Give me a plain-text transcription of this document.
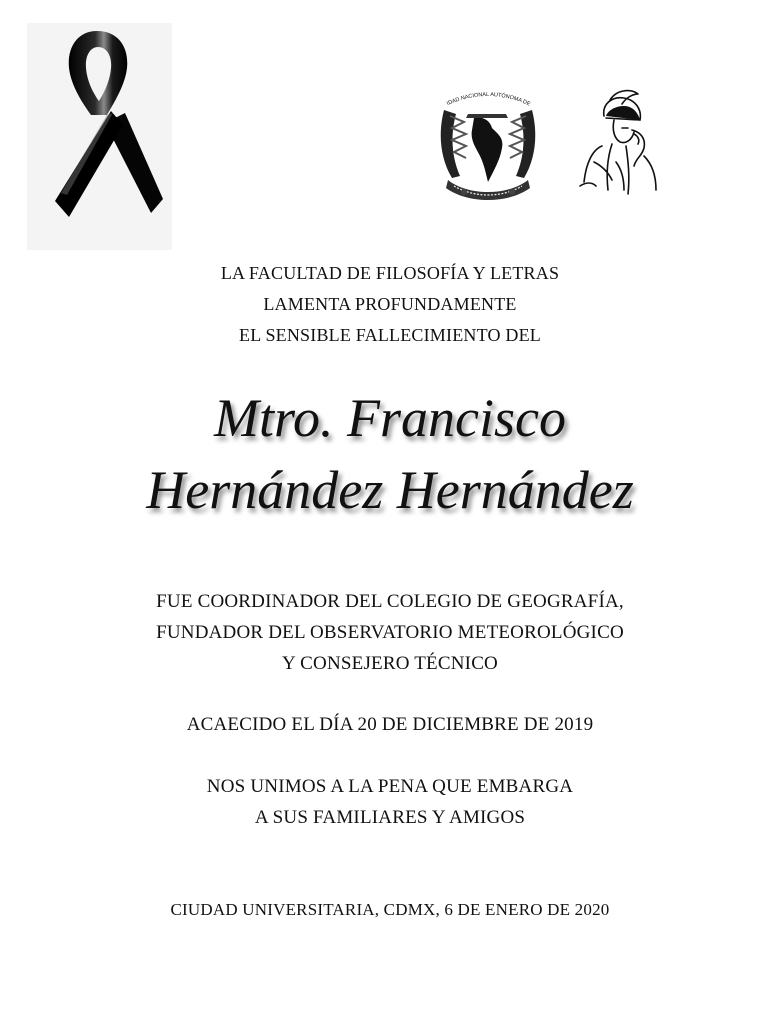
IDAD NACIONAL AUTÓNOMA DE
LA FACULTAD DE FILOSOFÍA Y LETRAS
LAMENTA PROFUNDAMENTE
EL SENSIBLE FALLECIMIENTO DEL
Mtro. Francisco
Hernández Hernández
FUE COORDINADOR DEL COLEGIO DE GEOGRAFÍA,
FUNDADOR DEL OBSERVATORIO METEOROLÓGICO
Y CONSEJERO TÉCNICO
ACAECIDO EL DÍA 20 DE DICIEMBRE DE 2019
NOS UNIMOS A LA PENA QUE EMBARGA
A SUS FAMILIARES Y AMIGOS
CIUDAD UNIVERSITARIA, CDMX, 6 DE ENERO DE 2020
